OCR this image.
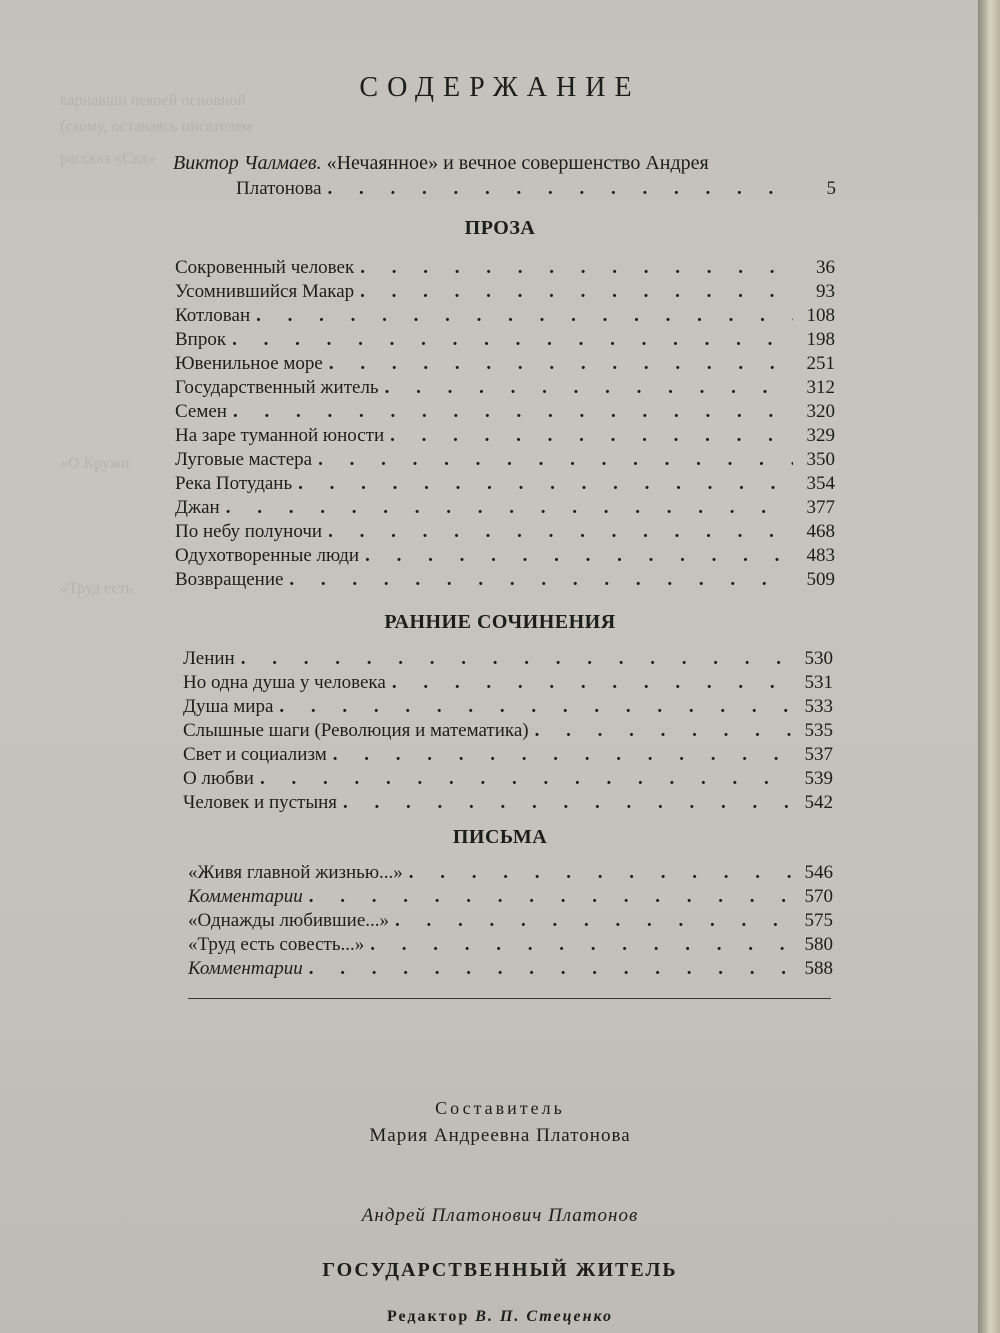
карнавши некоей основной
(скому, оставаясь писателем
рассказ «Сад»
«О Кружи
«Труд есть
СОДЕРЖАНИЕ
Виктор Чалмаев. «Нечаянное» и вечное совершенство Андрея
Платонова . . .	5
ПРОЗА
Сокровенный человек . . .	36
Усомнившийся Макар . . .	93
Котлован . . .	108
Впрок . . .	198
Ювенильное море . . .	251
Государственный житель . . .	312
Семен . . .	320
На заре туманной юности . . .	329
Луговые мастера . . .	350
Река Потудань . . .	354
Джан . . .	377
По небу полуночи . . .	468
Одухотворенные люди . . .	483
Возвращение . . .	509
РАННИЕ СОЧИНЕНИЯ
Ленин . . .	530
Но одна душа у человека . . .	531
Душа мира . . .	533
Слышные шаги (Революция и математика) . . .	535
Свет и социализм . . .	537
О любви . . .	539
Человек и пустыня . . .	542
ПИСЬМА
«Живя главной жизнью...» . . .	546
Комментарии . . .	570
«Однажды любившие...» . . .	575
«Труд есть совесть...» . . .	580
Комментарии . . .	588
Составитель
Мария Андреевна Платонова
Андрей Платонович Платонов
ГОСУДАРСТВЕННЫЙ ЖИТЕЛЬ
Редактор В. П. Стеценко
